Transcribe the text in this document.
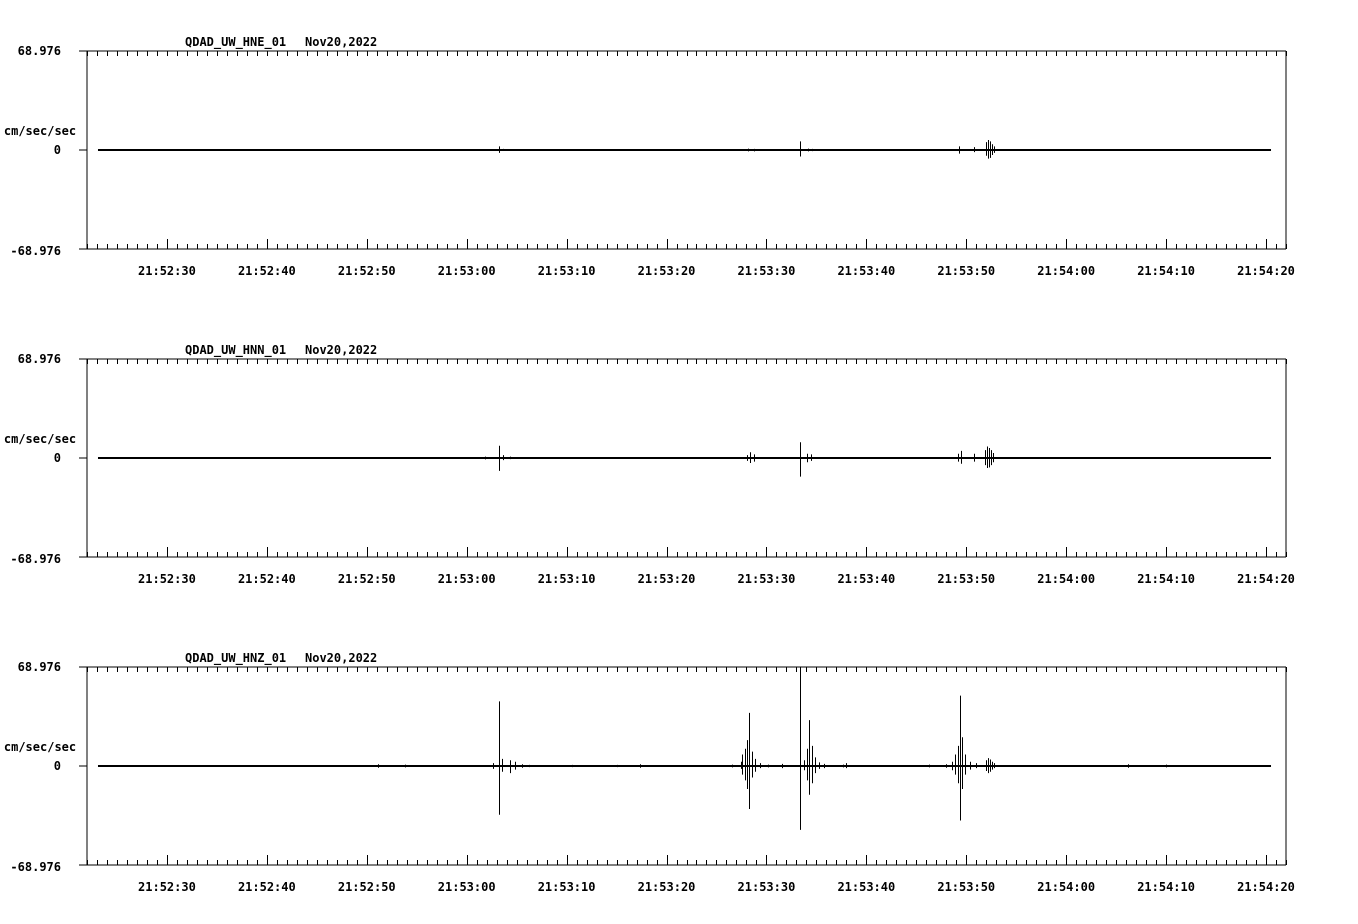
QDAD_UW_HNE_01 Nov20,2022
68.976
0
-68.976
cm/sec/sec
21:52:30	21:52:40	21:52:50	21:53:00	21:53:10	21:53:20	21:53:30	21:53:40	21:53:50	21:54:00	21:54:10	21:54:20
QDAD_UW_HNN_01 Nov20,2022
68.976
0
-68.976
cm/sec/sec
21:52:30	21:52:40	21:52:50	21:53:00	21:53:10	21:53:20	21:53:30	21:53:40	21:53:50	21:54:00	21:54:10	21:54:20
QDAD_UW_HNZ_01 Nov20,2022
68.976
0
-68.976
cm/sec/sec
21:52:30	21:52:40	21:52:50	21:53:00	21:53:10	21:53:20	21:53:30	21:53:40	21:53:50	21:54:00	21:54:10	21:54:20
